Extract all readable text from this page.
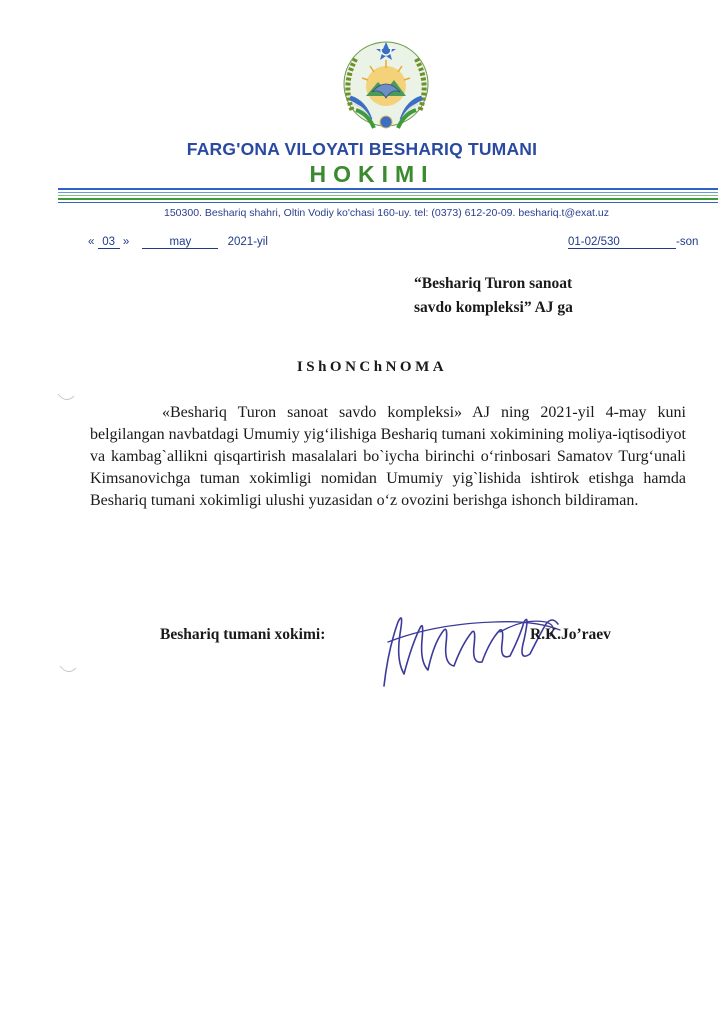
FARG'ONA VILOYATI BESHARIQ TUMANI
HOKIMI
150300. Beshariq shahri, Oltin Vodiy ko'chasi 160-uy. tel: (0373) 612-20-09. beshariq.t@exat.uz
« 03 »	may	2021-yil	01-02/530	-son
“Beshariq Turon sanoat
savdo kompleksi” AJ ga
IShONChNOMA

«Beshariq Turon sanoat savdo kompleksi» AJ ning 2021-yil 4-may kuni belgilangan navbatdagi Umumiy yig‘ilishiga Beshariq tumani xokimining moliya-iqtisodiyot va kambag`allikni qisqartirish masalalari bo`iycha birinchi o‘rinbosari Samatov Turg‘unali Kimsanovichga tuman xokimligi nomidan Umumiy yig`lishida ishtirok etishga hamda Beshariq tumani xokimligi ulushi yuzasidan o‘z ovozini berishga ishonch bildiraman.

Beshariq tumani xokimi:	R.K.Jo’raev
